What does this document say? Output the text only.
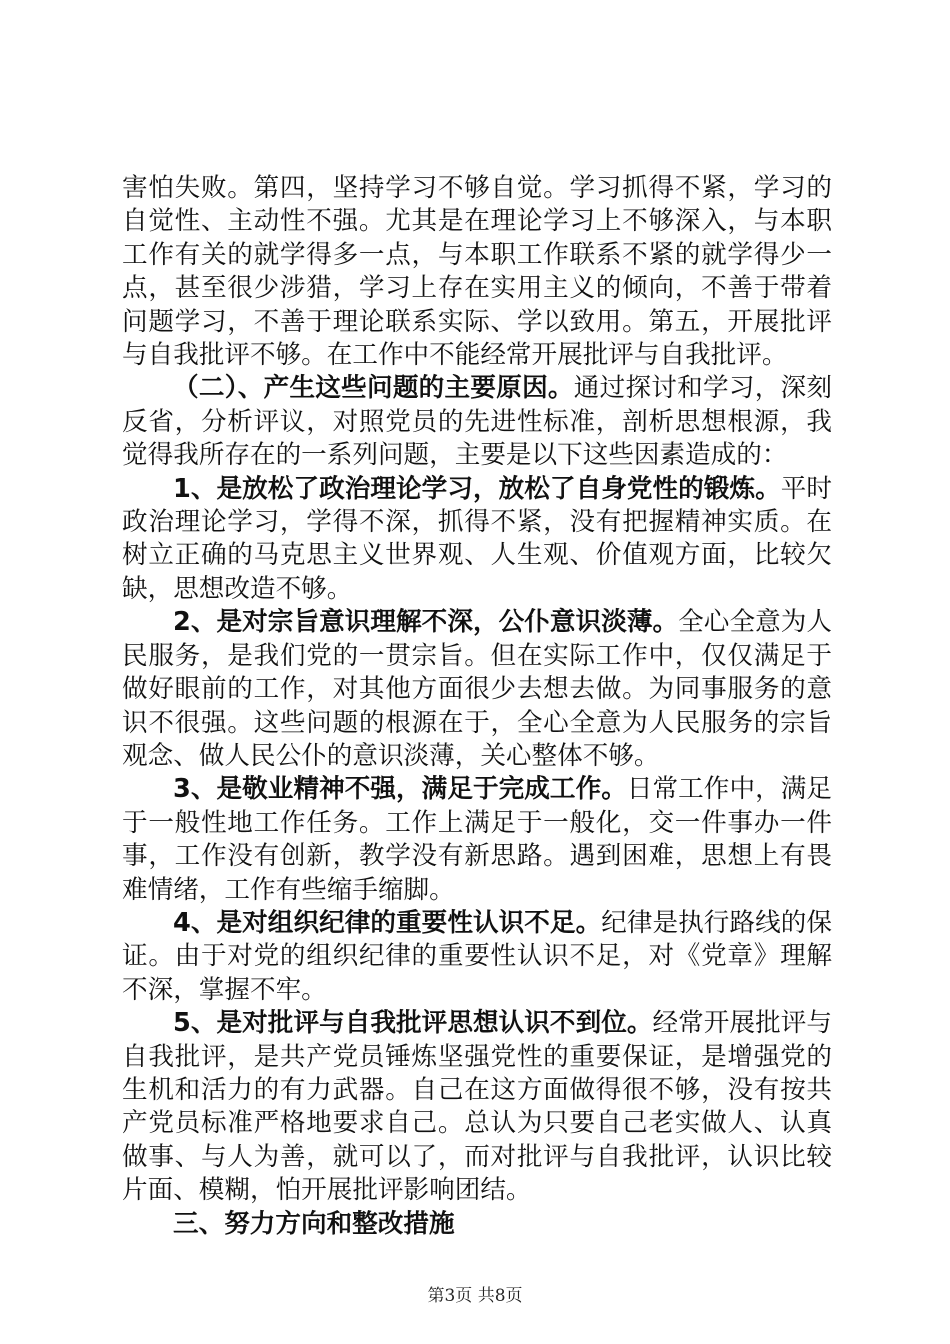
害怕失败。第四，坚持学习不够自觉。学习抓得不紧，学习的自觉性、主动性不强。尤其是在理论学习上不够深入，与本职工作有关的就学得多一点，与本职工作联系不紧的就学得少一点，甚至很少涉猎，学习上存在实用主义的倾向，不善于带着问题学习，不善于理论联系实际、学以致用。第五，开展批评与自我批评不够。在工作中不能经常开展批评与自我批评。

（二）、产生这些问题的主要原因。通过探讨和学习，深刻反省，分析评议，对照党员的先进性标准，剖析思想根源，我觉得我所存在的一系列问题，主要是以下这些因素造成的：

1、是放松了政治理论学习，放松了自身党性的锻炼。平时政治理论学习，学得不深，抓得不紧，没有把握精神实质。在树立正确的马克思主义世界观、人生观、价值观方面，比较欠缺，思想改造不够。

2、是对宗旨意识理解不深，公仆意识淡薄。全心全意为人民服务，是我们党的一贯宗旨。但在实际工作中，仅仅满足于做好眼前的工作，对其他方面很少去想去做。为同事服务的意识不很强。这些问题的根源在于，全心全意为人民服务的宗旨观念、做人民公仆的意识淡薄，关心整体不够。

3、是敬业精神不强，满足于完成工作。日常工作中，满足于一般性地工作任务。工作上满足于一般化，交一件事办一件事，工作没有创新，教学没有新思路。遇到困难，思想上有畏难情绪，工作有些缩手缩脚。

4、是对组织纪律的重要性认识不足。纪律是执行路线的保证。由于对党的组织纪律的重要性认识不足，对《党章》理解不深，掌握不牢。

5、是对批评与自我批评思想认识不到位。经常开展批评与自我批评，是共产党员锤炼坚强党性的重要保证，是增强党的生机和活力的有力武器。自己在这方面做得很不够，没有按共产党员标准严格地要求自己。总认为只要自己老实做人、认真做事、与人为善，就可以了，而对批评与自我批评，认识比较片面、模糊，怕开展批评影响团结。

三、努力方向和整改措施

第3页 共8页
